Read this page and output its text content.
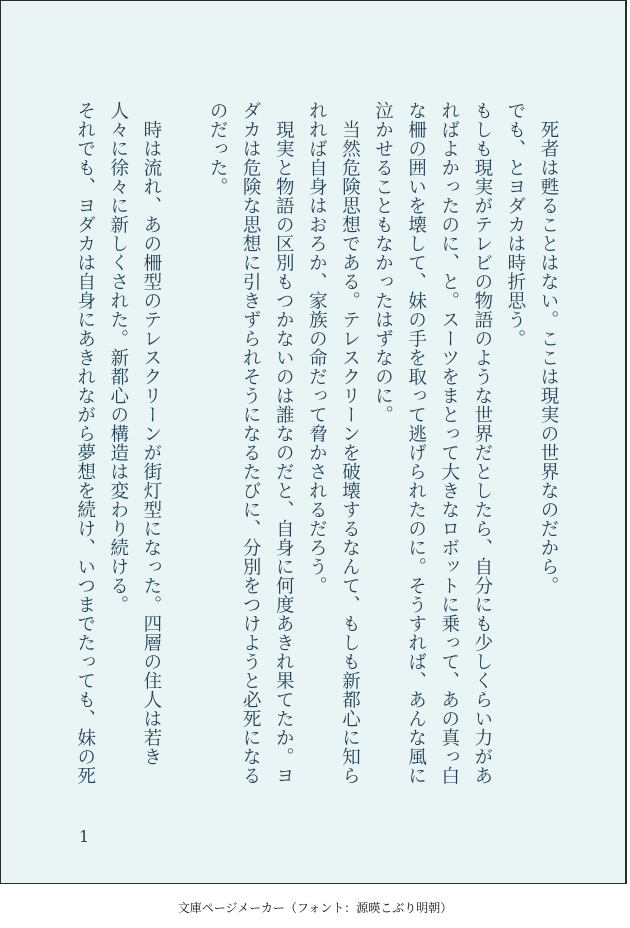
死者は甦ることはない。ここは現実の世界なのだから。

でも、とヨダカは時折思う。

もしも現実がテレビの物語のような世界だとしたら、自分にも少しくらい力があればよかったのに、と。スーツをまとって大きなロボットに乗って、あの真っ白な柵の囲いを壊して、妹の手を取って逃げられたのに。そうすれば、あんな風に泣かせることもなかったはずなのに。

当然危険思想である。テレスクリーンを破壊するなんて、もしも新都心に知られれば自身はおろか、家族の命だって脅かされるだろう。

現実と物語の区別もつかないのは誰なのだと、自身に何度あきれ果てたか。ヨダカは危険な思想に引きずられそうになるたびに、分別をつけようと必死になるのだった。

時は流れ、あの柵型のテレスクリーンが街灯型になった。四層の住人は若き人々に徐々に新しくされた。新都心の構造は変わり続ける。

それでも、ヨダカは自身にあきれながら夢想を続け、いつまでたっても、妹の死

1
文庫ページメーカー（フォント：源暎こぶり明朝）
